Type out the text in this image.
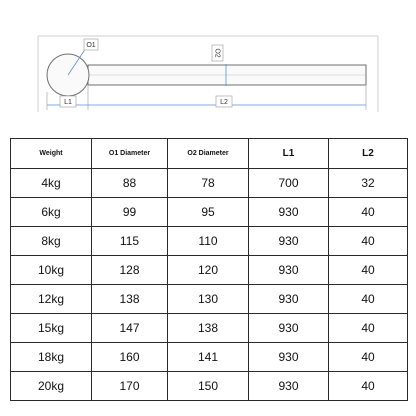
O1
O2
L1	L2
Weight	O1 Diameter	O2 Diameter	L1	L2
4kg	88	78	700	32
6kg	99	95	930	40
8kg	115	110	930	40
10kg	128	120	930	40
12kg	138	130	930	40
15kg	147	138	930	40
18kg	160	141	930	40
20kg	170	150	930	40
